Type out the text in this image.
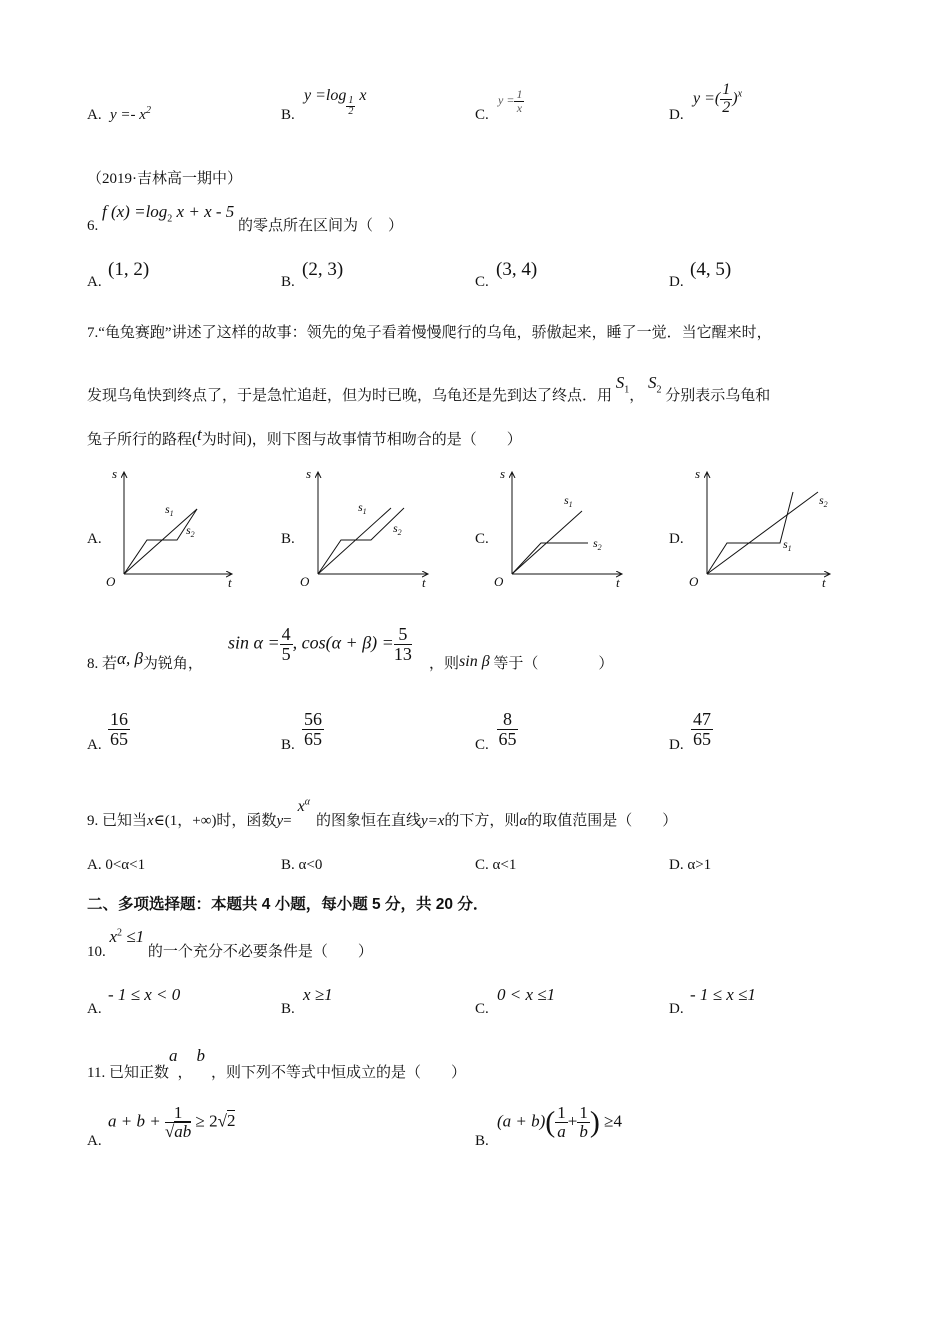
A. $y =- x^2$	B.
$y =\log \frac{1}{2}$ x
C.
$y = \frac{1}{x}$
D.
y =( $\frac{1}{2} )^x$
（2019·吉林高一期中）
6. f $(x) =\log_2$ x + x - 5 的零点所在区间为（　）
A.
(1, 2)
B.
(2, 3)
C.
(3, 4)
D.
(4, 5)
7.“龟兔赛跑”讲述了这样的故事：领先的兔子看着慢慢爬行的乌龟，骄傲起来，睡了一觉．当它醒来时，
发现乌龟快到终点了，于是急忙追赶，但为时已晚，乌龟还是先到达了终点．用 $S_1$， $S_2$ 分别表示乌龟和
兔子所行的路程(t为时间)，则下图与故事情节相吻合的是（　　）
A.	B.	C.	D.
s
t
O
$s_1$
$s_2$
s
t
O
$s_1$
$s_2$
s
t
O
$s_1$
$s_2$
s
t
O
$s_1$
$s_2$
8. 若α, β为锐角，
$\sin \alpha = \frac{4}{5}$ , $\cos(\alpha + \beta) = \frac{5}{13}$
，则sin β 等于（　　　　）
A. $\frac{16}{65}$	B. $\frac{56}{65}$	C. $\frac{8}{65}$	D. $\frac{47}{65}$
9. 已知当x∈(1，+∞)时，函数$y=x^\alpha$的图象恒在直线y=x的下方，则α的取值范围是（　　）
A. 0<α<1	B. α<0	C. α<1	D. α>1
二、多项选择题：本题共 4 小题，每小题 5 分，共 20 分．
10. $x^2 \le 1$ 的一个充分不必要条件是（　　）
A.
- 1 ≤ x < 0
B.
x ≥1
C.
0 < x ≤1
D.
- 1 ≤ x ≤1
11. 已知正数a，b，则下列不等式中恒成立的是（　　）
A.
$a + b + \frac{1}{√ab} \ge 2√2$
B.
$(a + b)( \frac{1}{a} + \frac{1}{b}$ ) ≥4
